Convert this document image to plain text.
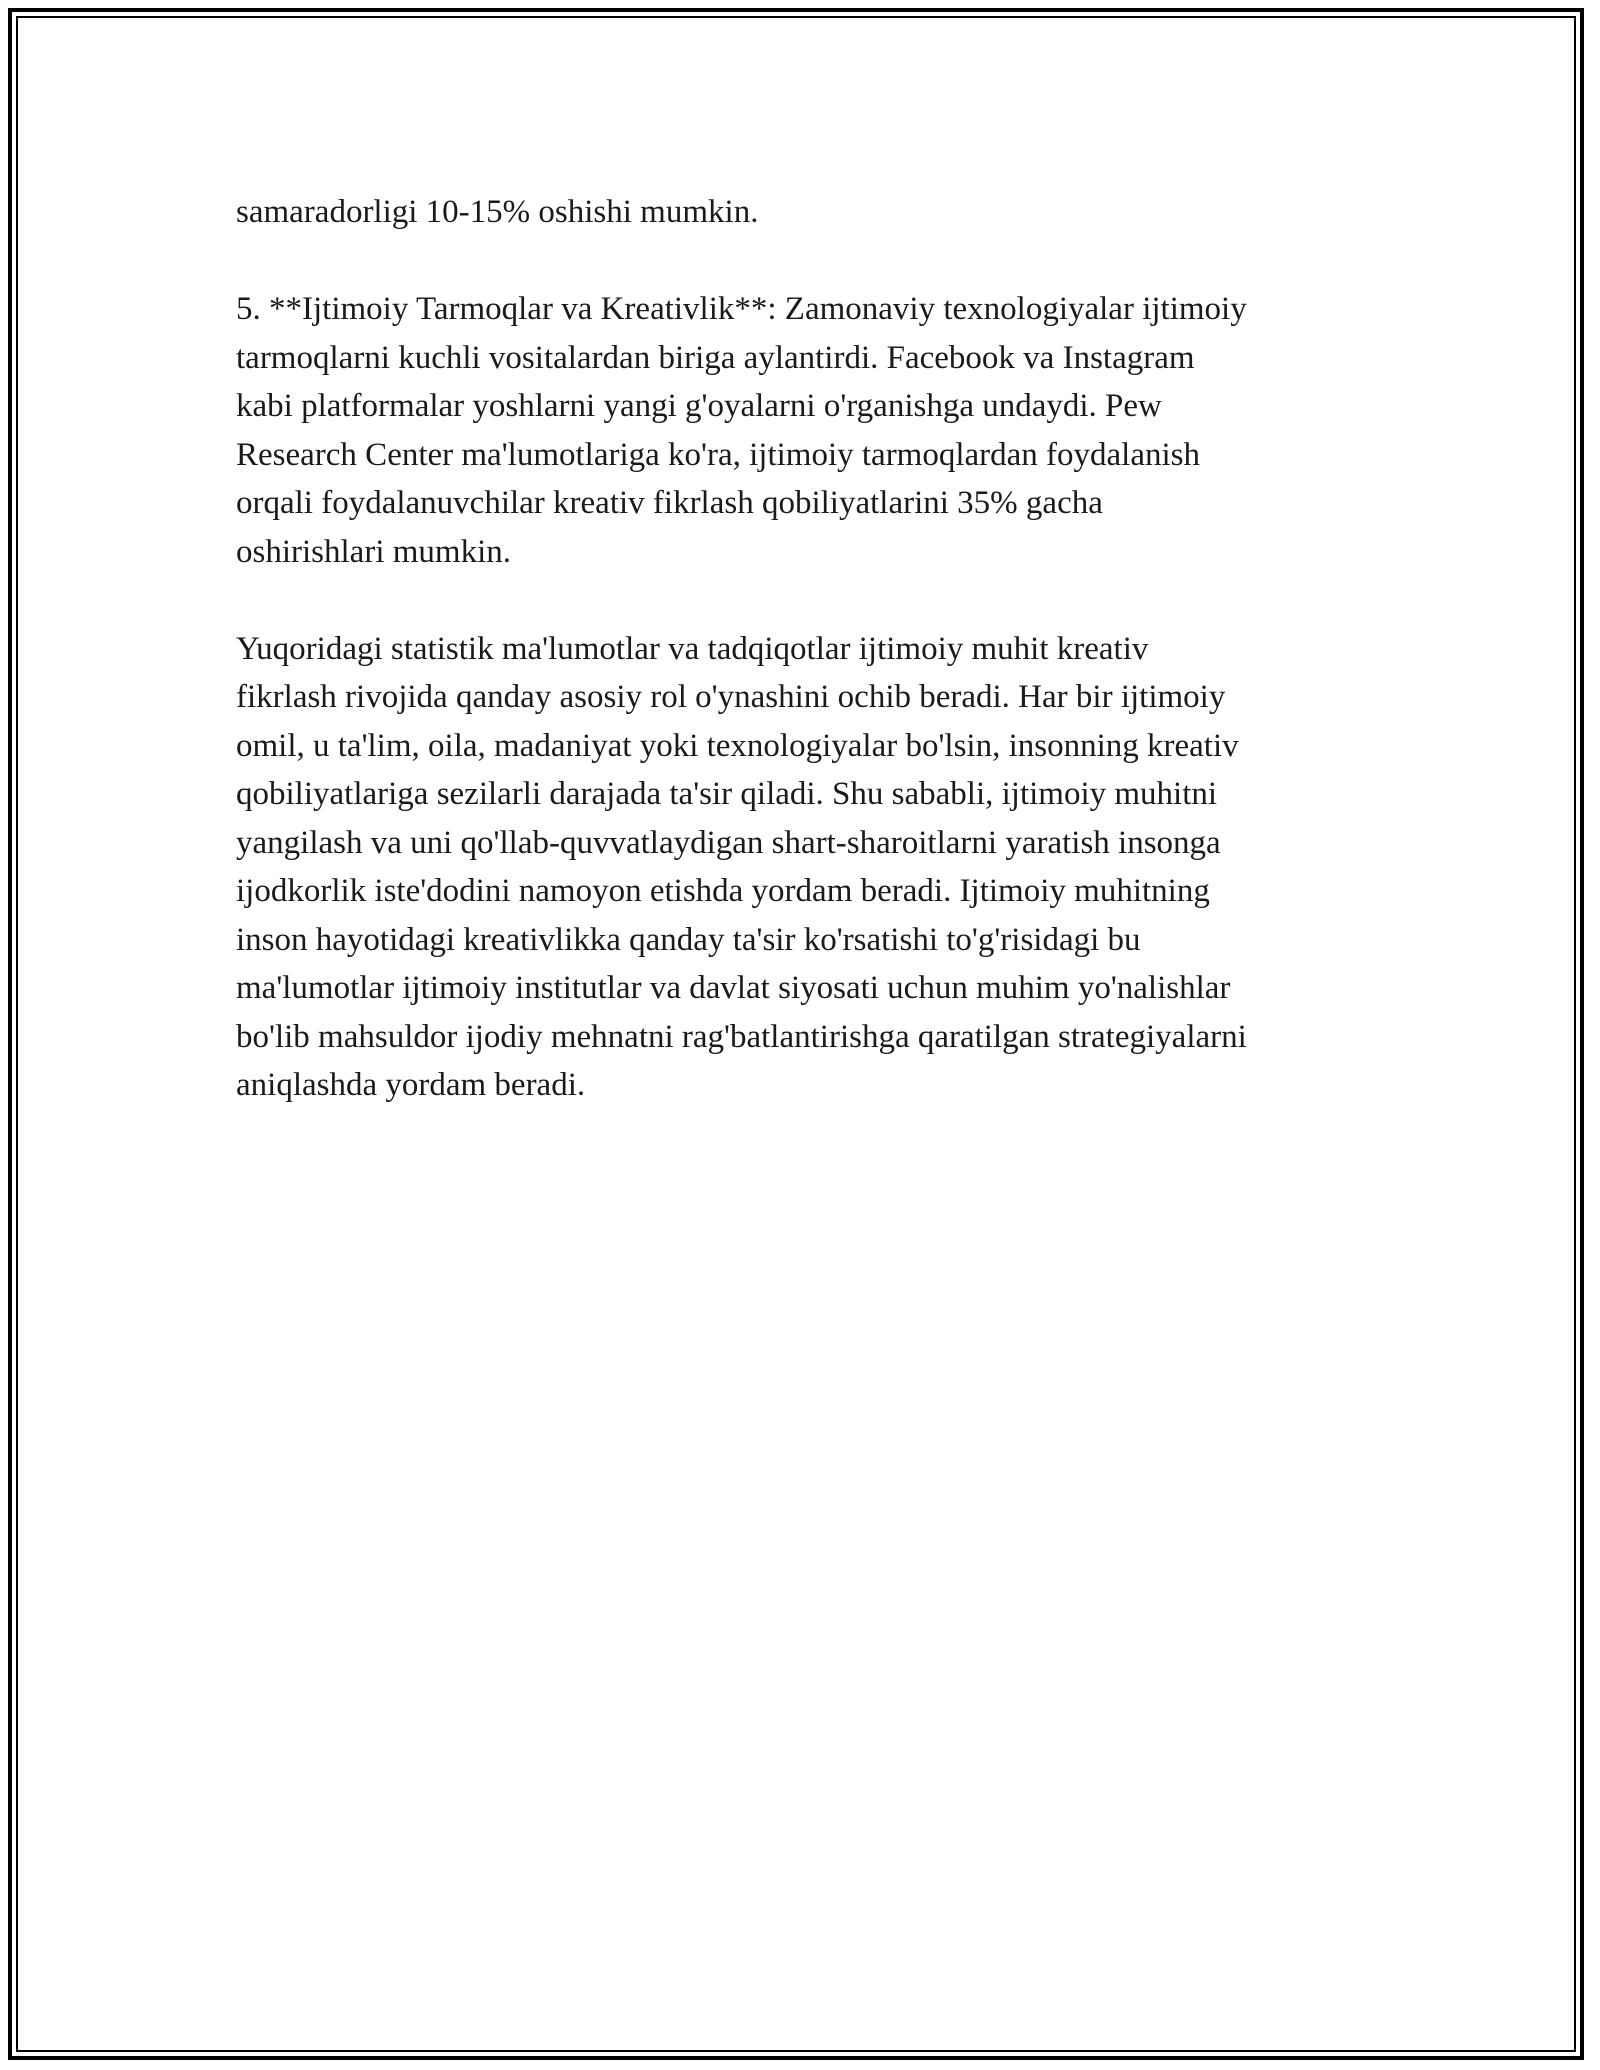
samaradorligi 10-15% oshishi mumkin.

5. **Ijtimoiy Tarmoqlar va Kreativlik**: Zamonaviy texnologiyalar ijtimoiy
tarmoqlarni kuchli vositalardan biriga aylantirdi. Facebook va Instagram
kabi platformalar yoshlarni yangi g'oyalarni o'rganishga undaydi. Pew
Research Center ma'lumotlariga ko'ra, ijtimoiy tarmoqlardan foydalanish
orqali foydalanuvchilar kreativ fikrlash qobiliyatlarini 35% gacha
oshirishlari mumkin.

Yuqoridagi statistik ma'lumotlar va tadqiqotlar ijtimoiy muhit kreativ
fikrlash rivojida qanday asosiy rol o'ynashini ochib beradi. Har bir ijtimoiy
omil, u ta'lim, oila, madaniyat yoki texnologiyalar bo'lsin, insonning kreativ
qobiliyatlariga sezilarli darajada ta'sir qiladi. Shu sababli, ijtimoiy muhitni
yangilash va uni qo'llab-quvvatlaydigan shart-sharoitlarni yaratish insonga
ijodkorlik iste'dodini namoyon etishda yordam beradi. Ijtimoiy muhitning
inson hayotidagi kreativlikka qanday ta'sir ko'rsatishi to'g'risidagi bu
ma'lumotlar ijtimoiy institutlar va davlat siyosati uchun muhim yo'nalishlar
bo'lib mahsuldor ijodiy mehnatni rag'batlantirishga qaratilgan strategiyalarni
aniqlashda yordam beradi.
